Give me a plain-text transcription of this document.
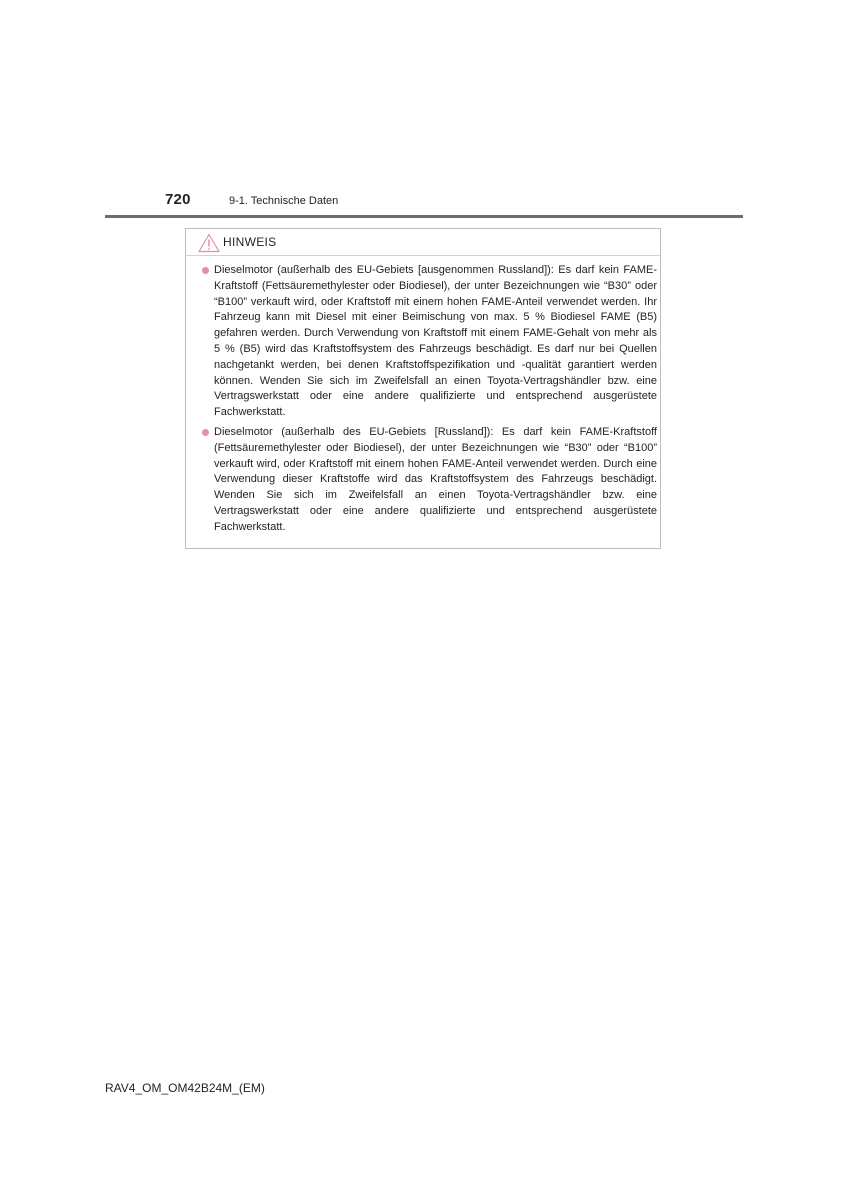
720	9-1. Technische Daten
HINWEIS

Dieselmotor (außerhalb des EU-Gebiets [ausgenommen Russland]): Es darf kein FAME-Kraftstoff (Fettsäuremethylester oder Biodiesel), der unter Bezeichnungen wie “B30” oder “B100” verkauft wird, oder Kraftstoff mit einem hohen FAME-Anteil verwendet werden. Ihr Fahrzeug kann mit Diesel mit einer Beimischung von max. 5 % Biodiesel FAME (B5) gefahren werden. Durch Verwendung von Kraftstoff mit einem FAME-Gehalt von mehr als 5 % (B5) wird das Kraftstoffsystem des Fahrzeugs beschädigt. Es darf nur bei Quellen nachgetankt werden, bei denen Kraftstoffspezifikation und -qualität garantiert werden können. Wenden Sie sich im Zweifelsfall an einen Toyota-Vertragshändler bzw. eine Vertragswerkstatt oder eine andere qualifizierte und entsprechend ausgerüstete Fachwerkstatt.

Dieselmotor (außerhalb des EU-Gebiets [Russland]): Es darf kein FAME-Kraftstoff (Fettsäuremethylester oder Biodiesel), der unter Bezeichnungen wie “B30” oder “B100” verkauft wird, oder Kraftstoff mit einem hohen FAME-Anteil verwendet werden. Durch eine Verwendung dieser Kraftstoffe wird das Kraftstoffsystem des Fahrzeugs beschädigt. Wenden Sie sich im Zweifelsfall an einen Toyota-Vertragshändler bzw. eine Vertragswerkstatt oder eine andere qualifizierte und entsprechend ausgerüstete Fachwerkstatt.

RAV4_OM_OM42B24M_(EM)
